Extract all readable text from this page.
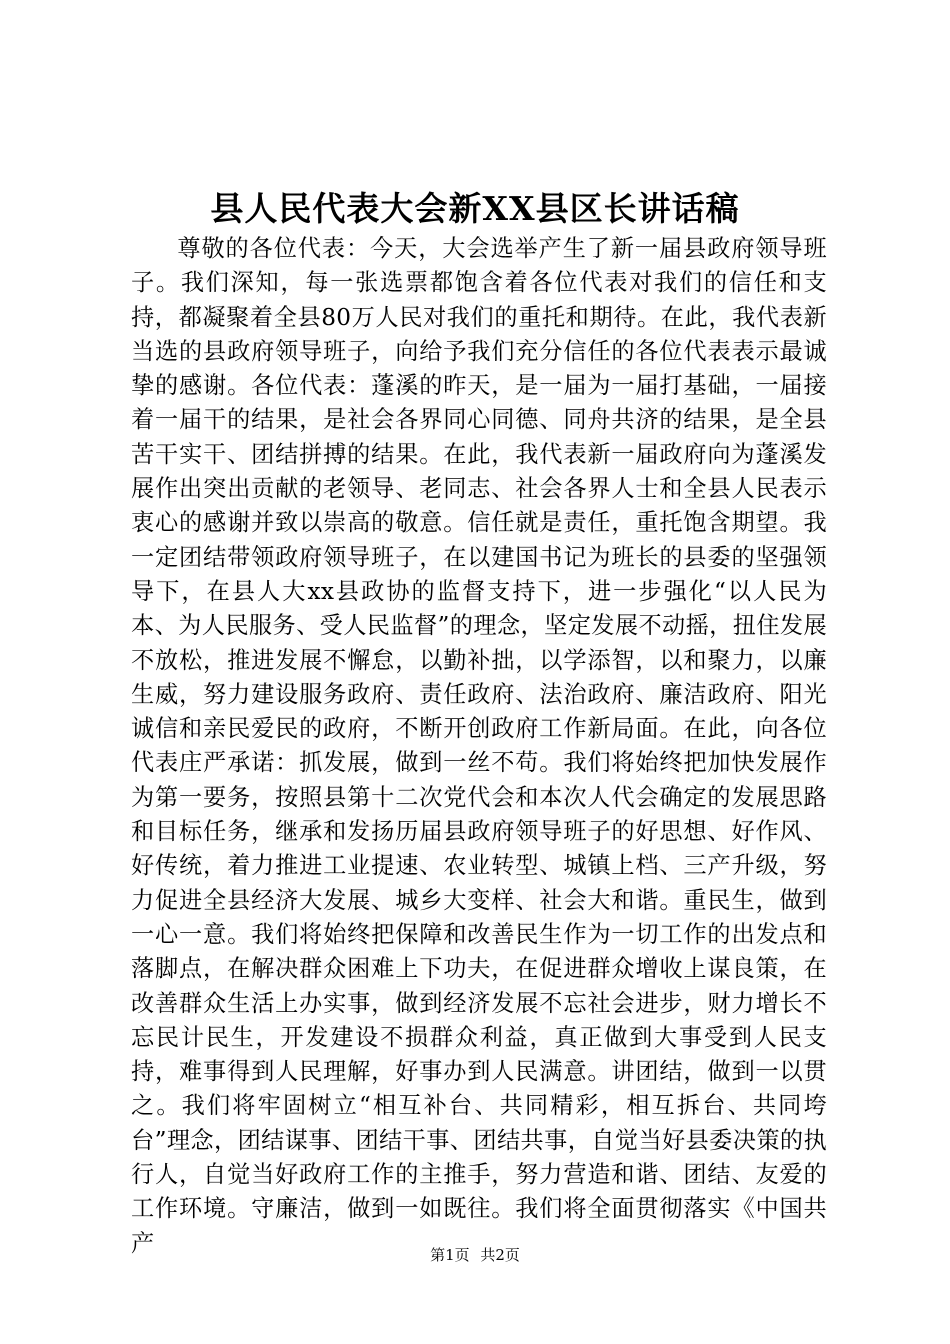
县人民代表大会新XX县区长讲话稿

尊敬的各位代表：今天，大会选举产生了新一届县政府领导班子。我们深知，每一张选票都饱含着各位代表对我们的信任和支持，都凝聚着全县80万人民对我们的重托和期待。在此，我代表新当选的县政府领导班子，向给予我们充分信任的各位代表表示最诚挚的感谢。各位代表：蓬溪的昨天，是一届为一届打基础，一届接着一届干的结果，是社会各界同心同德、同舟共济的结果，是全县苦干实干、团结拼搏的结果。在此，我代表新一届政府向为蓬溪发展作出突出贡献的老领导、老同志、社会各界人士和全县人民表示衷心的感谢并致以崇高的敬意。信任就是责任，重托饱含期望。我一定团结带领政府领导班子，在以建国书记为班长的县委的坚强领导下，在县人大xx县政协的监督支持下，进一步强化“以人民为本、为人民服务、受人民监督”的理念，坚定发展不动摇，扭住发展不放松，推进发展不懈怠，以勤补拙，以学添智，以和聚力，以廉生威，努力建设服务政府、责任政府、法治政府、廉洁政府、阳光诚信和亲民爱民的政府，不断开创政府工作新局面。在此，向各位代表庄严承诺：抓发展，做到一丝不苟。我们将始终把加快发展作为第一要务，按照县第十二次党代会和本次人代会确定的发展思路和目标任务，继承和发扬历届县政府领导班子的好思想、好作风、好传统，着力推进工业提速、农业转型、城镇上档、三产升级，努力促进全县经济大发展、城乡大变样、社会大和谐。重民生，做到一心一意。我们将始终把保障和改善民生作为一切工作的出发点和落脚点，在解决群众困难上下功夫，在促进群众增收上谋良策，在改善群众生活上办实事，做到经济发展不忘社会进步，财力增长不忘民计民生，开发建设不损群众利益，真正做到大事受到人民支持，难事得到人民理解，好事办到人民满意。讲团结，做到一以贯之。我们将牢固树立“相互补台、共同精彩，相互拆台、共同垮台”理念，团结谋事、团结干事、团结共事，自觉当好县委决策的执行人，自觉当好政府工作的主推手，努力营造和谐、团结、友爱的工作环境。守廉洁，做到一如既往。我们将全面贯彻落实《中国共产	第1页 共2页
